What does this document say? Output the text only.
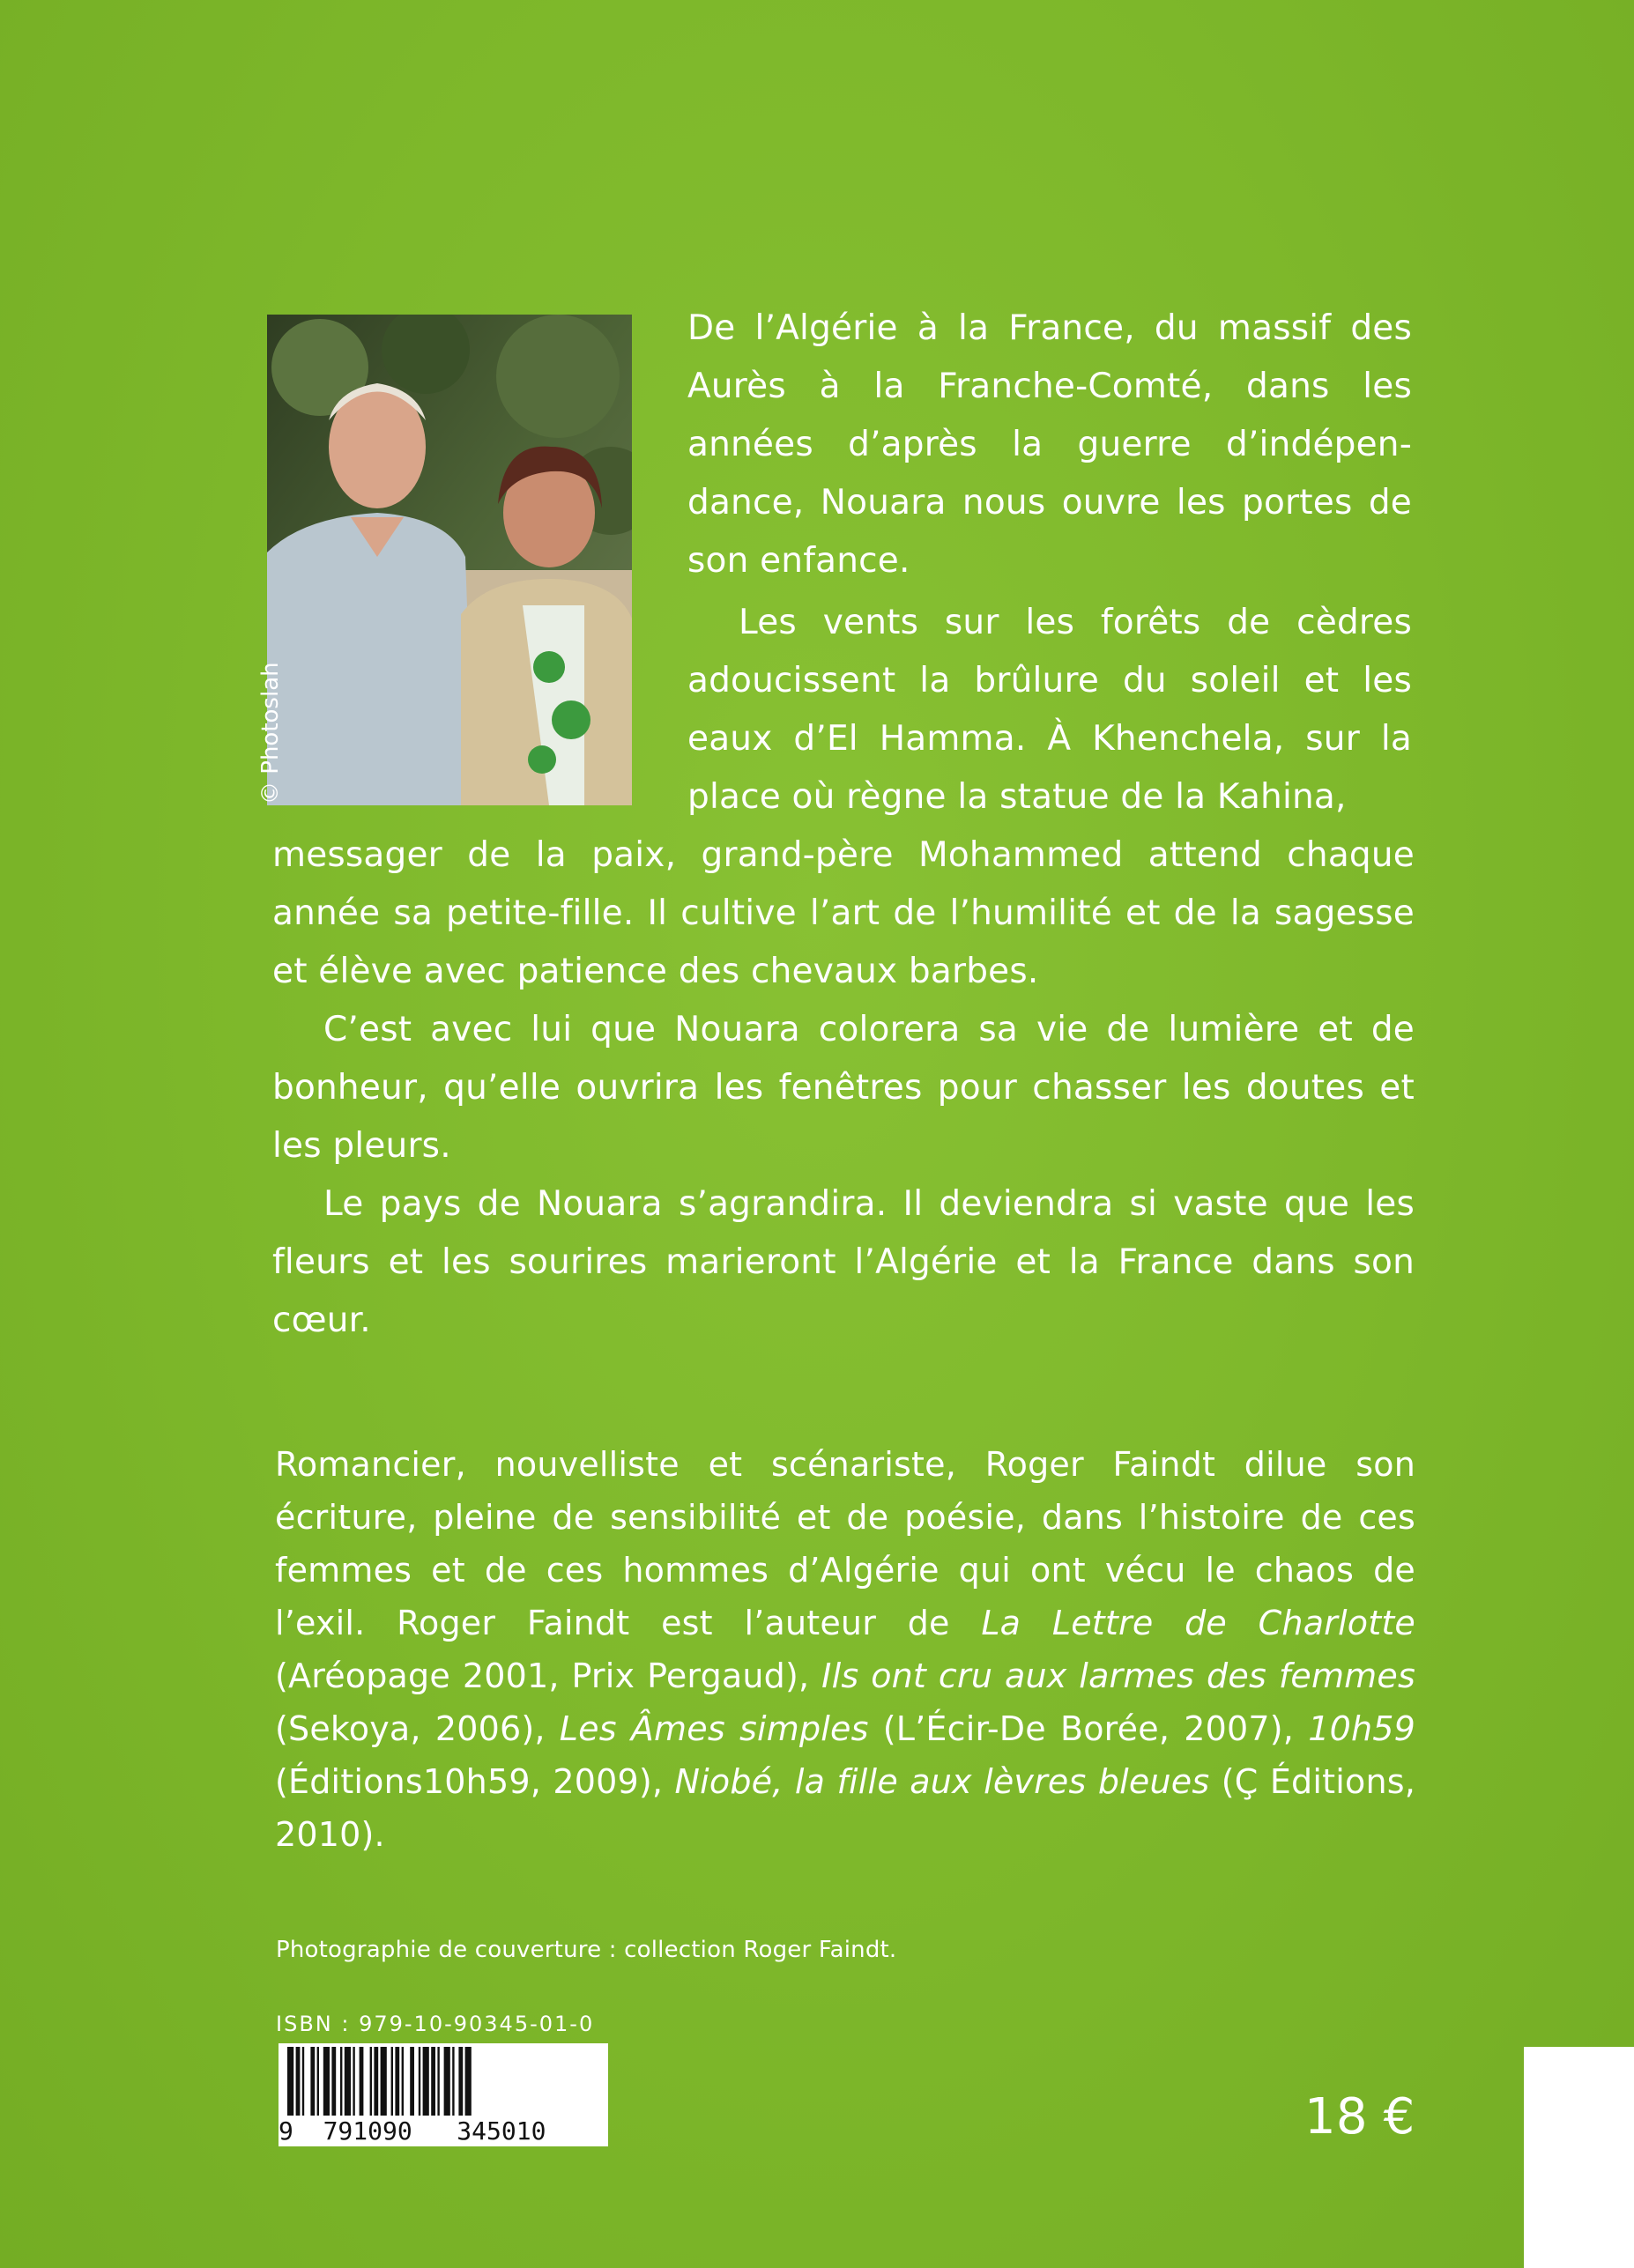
© Photoslah

De l’Algérie à la France, du massif des Aurès à la Franche-Comté, dans les années d’après la guerre d’indépen-dance, Nouara nous ouvre les portes de son enfance.

Les vents sur les forêts de cèdres adoucissent la brûlure du soleil et les eaux d’El Hamma. À Khenchela, sur la place où règne la statue de la Kahina,

messager de la paix, grand-père Mohammed attend chaque année sa petite-fille. Il cultive l’art de l’humilité et de la sagesse et élève avec patience des chevaux barbes.

C’est avec lui que Nouara colorera sa vie de lumière et de bonheur, qu’elle ouvrira les fenêtres pour chasser les doutes et les pleurs.

Le pays de Nouara s’agrandira. Il deviendra si vaste que les fleurs et les sourires marieront l’Algérie et la France dans son cœur.

Romancier, nouvelliste et scénariste, Roger Faindt dilue son écriture, pleine de sensibilité et de poésie, dans l’histoire de ces femmes et de ces hommes d’Algérie qui ont vécu le chaos de l’exil. Roger Faindt est l’auteur de La Lettre de Charlotte (Aréopage 2001, Prix Pergaud), Ils ont cru aux larmes des femmes (Sekoya, 2006), Les Âmes simples (L’Écir-De Borée, 2007), 10h59 (Éditions10h59, 2009), Niobé, la fille aux lèvres bleues (Ç Éditions, 2010).

Photographie de couverture : collection Roger Faindt.
ISBN : 979-10-90345-01-0
9  791090   345010	18 €
